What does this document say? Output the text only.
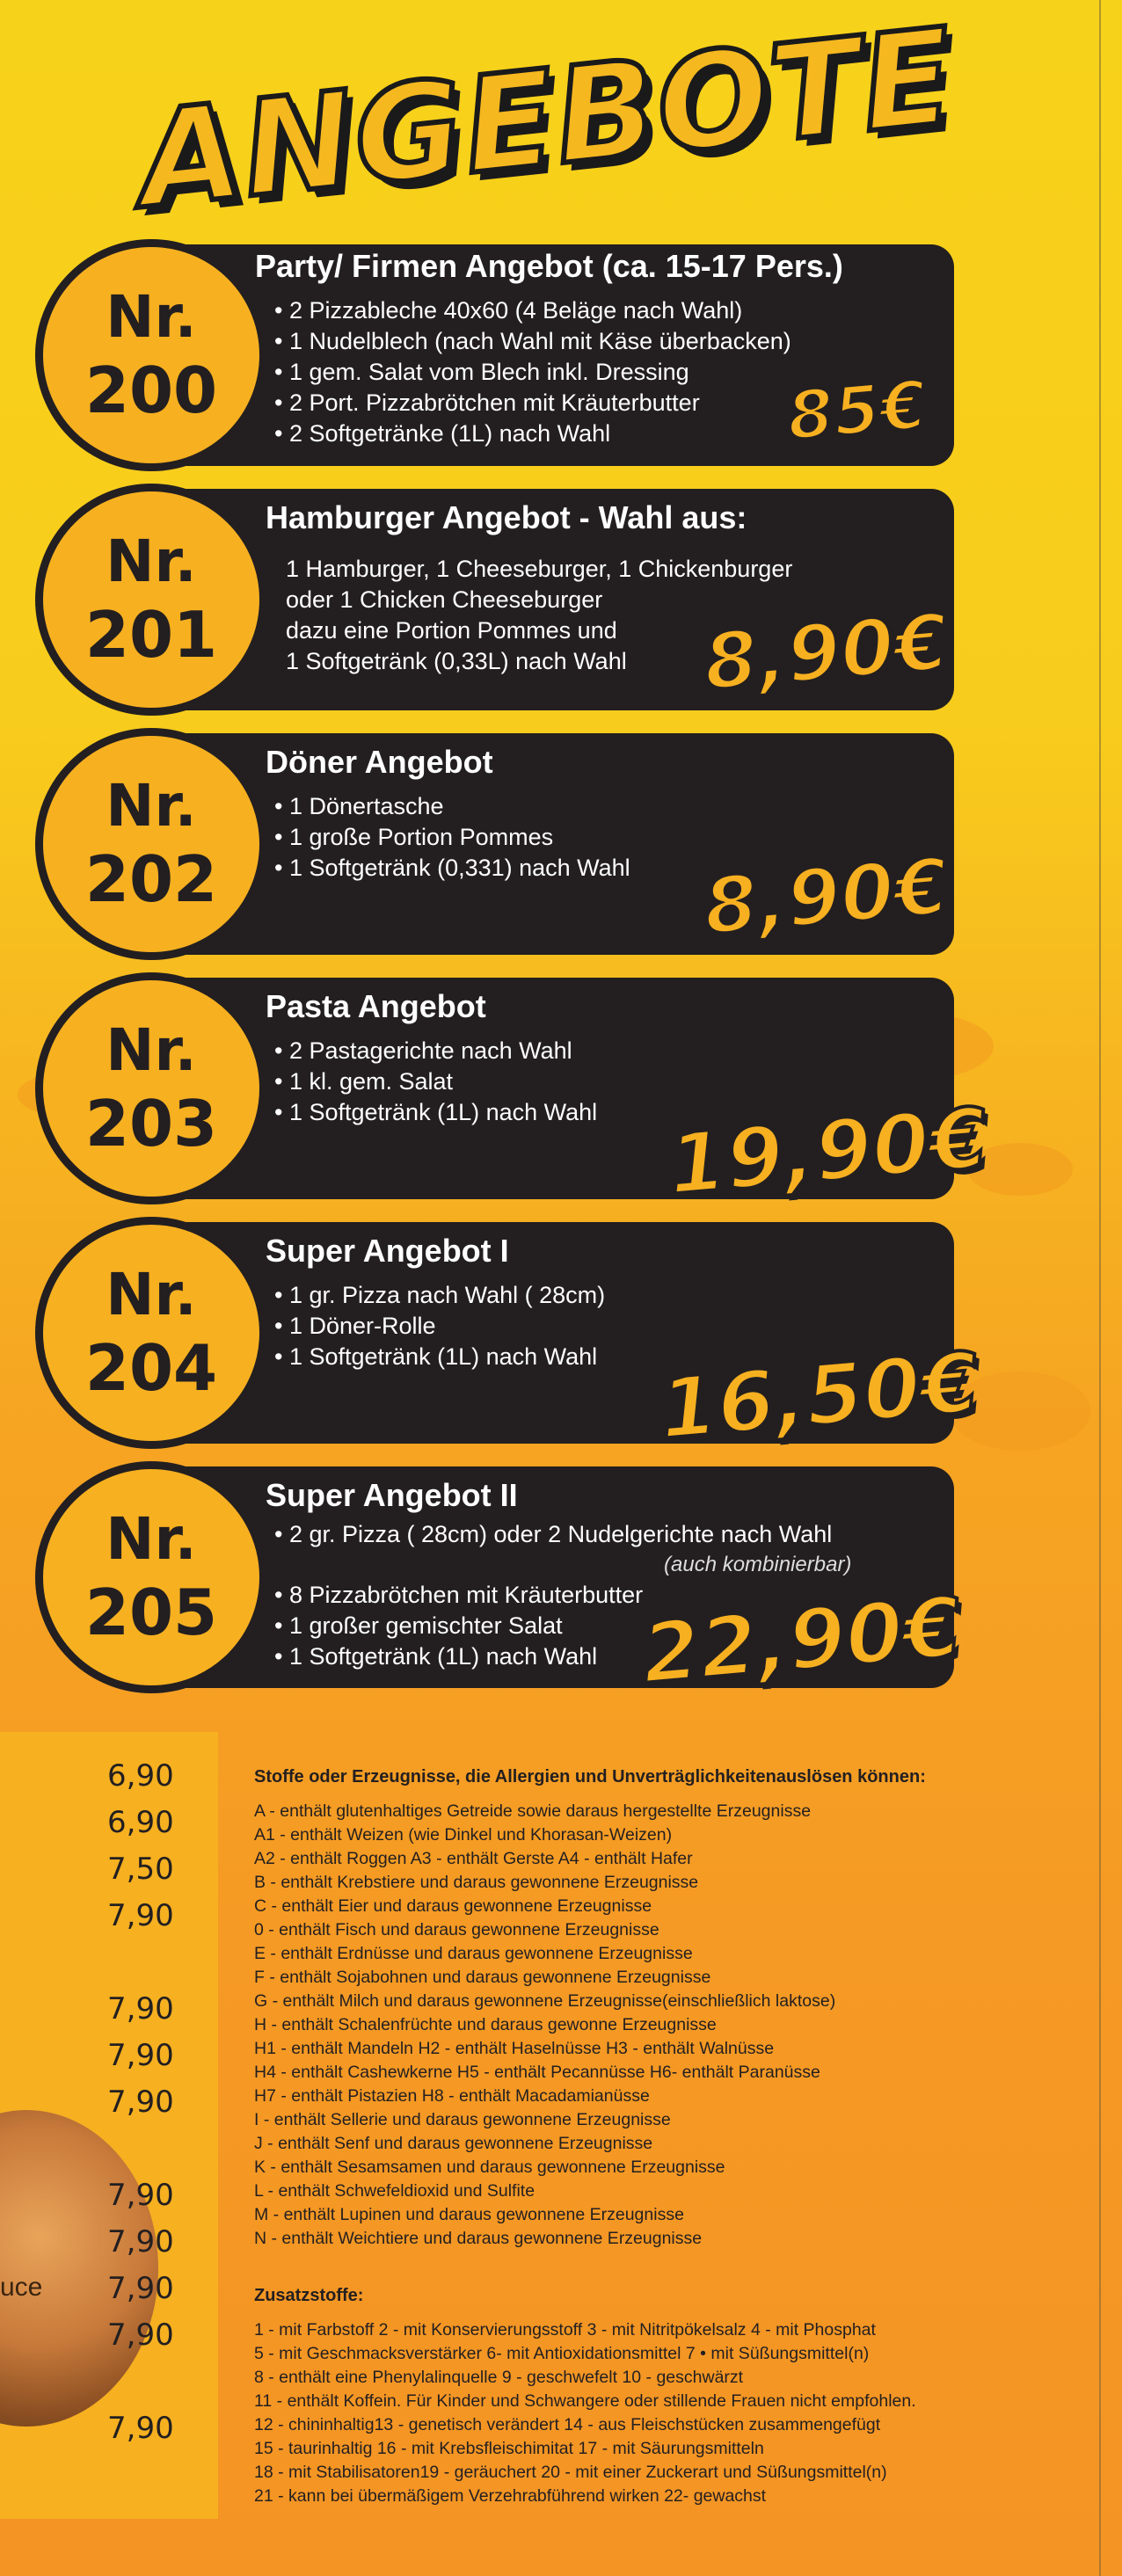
ANGEBOTE
Nr.
200
Party/ Firmen Angebot (ca. 15-17 Pers.)
• 2 Pizzableche 40x60 (4 Beläge nach Wahl)
• 1 Nudelblech (nach Wahl mit Käse überbacken)
• 1 gem. Salat vom Blech inkl. Dressing
• 2 Port. Pizzabrötchen mit Kräuterbutter
• 2 Softgetränke (1L) nach Wahl	85€
Nr.
201
Hamburger Angebot - Wahl aus:
1 Hamburger, 1 Cheeseburger, 1 Chickenburger
oder 1 Chicken Cheeseburger
dazu eine Portion Pommes und
1 Softgetränk (0,33L) nach Wahl 8,90€
Nr.
202
Döner Angebot
• 1 Dönertasche
• 1 große Portion Pommes
• 1 Softgetränk (0,331) nach Wahl 8,90€
Nr.
203
Pasta Angebot
• 2 Pastagerichte nach Wahl
• 1 kl. gem. Salat
• 1 Softgetränk (1L) nach Wahl 19,90€
Nr.
204
Super Angebot I
• 1 gr. Pizza nach Wahl ( 28cm)
• 1 Döner-Rolle
• 1 Softgetränk (1L) nach Wahl 16,50€
Nr.
205
Super Angebot II
• 2 gr. Pizza ( 28cm) oder 2 Nudelgerichte nach Wahl
• 8 Pizzabrötchen mit Kräuterbutter
• 1 großer gemischter Salat
• 1 Softgetränk (1L) nach Wahl
(auch kombinierbar)
22,90€
uce
6,90
6,90
7,50
7,90
7,90
7,90
7,90
7,90
7,90
7,90
7,90
7,90
Stoffe oder Erzeugnisse, die Allergien und Unverträglichkeitenauslösen können:
A - enthält glutenhaltiges Getreide sowie daraus hergestellte Erzeugnisse
A1 - enthält Weizen (wie Dinkel und Khorasan-Weizen)
A2 - enthält Roggen A3 - enthält Gerste A4 - enthält Hafer
B - enthält Krebstiere und daraus gewonnene Erzeugnisse
C - enthält Eier und daraus gewonnene Erzeugnisse
0 - enthält Fisch und daraus gewonnene Erzeugnisse
E - enthält Erdnüsse und daraus gewonnene Erzeugnisse
F - enthält Sojabohnen und daraus gewonnene Erzeugnisse
G - enthält Milch und daraus gewonnene Erzeugnisse(einschließlich laktose)
H - enthält Schalenfrüchte und daraus gewonne Erzeugnisse
H1 - enthält Mandeln H2 - enthält Haselnüsse H3 - enthält Walnüsse
H4 - enthält Cashewkerne H5 - enthält Pecannüsse H6- enthält Paranüsse
H7 - enthält Pistazien H8 - enthält Macadamianüsse
I - enthält Sellerie und daraus gewonnene Erzeugnisse
J - enthält Senf und daraus gewonnene Erzeugnisse
K - enthält Sesamsamen und daraus gewonnene Erzeugnisse
L - enthält Schwefeldioxid und Sulfite
M - enthält Lupinen und daraus gewonnene Erzeugnisse
N - enthält Weichtiere und daraus gewonnene Erzeugnisse
Zusatzstoffe:
1 - mit Farbstoff 2 - mit Konservierungsstoff 3 - mit Nitritpökelsalz 4 - mit Phosphat
5 - mit Geschmacksverstärker 6- mit Antioxidationsmittel 7 • mit Süßungsmittel(n)
8 - enthält eine Phenylalinquelle 9 - geschwefelt 10 - geschwärzt
11 - enthält Koffein. Für Kinder und Schwangere oder stillende Frauen nicht empfohlen.
12 - chininhaltig13 - genetisch verändert 14 - aus Fleischstücken zusammengefügt
15 - taurinhaltig 16 - mit Krebsfleischimitat 17 - mit Säurungsmitteln
18 - mit Stabilisatoren19 - geräuchert 20 - mit einer Zuckerart und Süßungsmittel(n)
21 - kann bei übermäßigem Verzehrabführend wirken 22- gewachst
